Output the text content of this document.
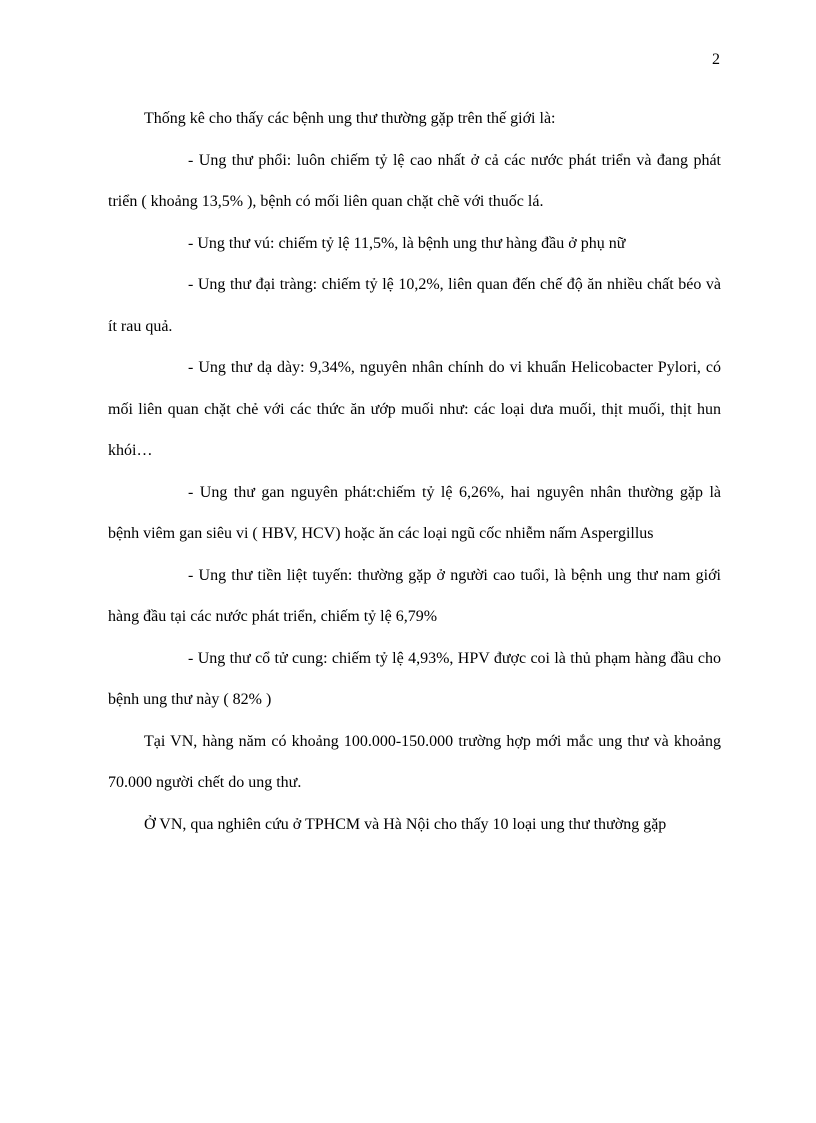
2

Thống kê cho thấy các bệnh ung thư thường gặp trên thế giới là:

- Ung thư phổi: luôn chiếm tỷ lệ cao nhất ở cả các nước phát triển và đang phát triển ( khoảng 13,5% ), bệnh có mối liên quan chặt chẽ với thuốc lá.

- Ung thư vú: chiếm tỷ lệ 11,5%, là bệnh ung thư hàng đầu ở phụ nữ

- Ung thư đại tràng: chiếm tỷ lệ 10,2%, liên quan đến chế độ ăn nhiều chất béo và ít rau quả.

- Ung thư dạ dày: 9,34%, nguyên nhân chính do vi khuẩn Helicobacter Pylori, có mối liên quan chặt chẻ với các thức ăn ướp muối như: các loại dưa muối, thịt muối, thịt hun khói…

- Ung thư gan nguyên phát:chiếm tỷ lệ 6,26%, hai nguyên nhân thường gặp là bệnh viêm gan siêu vi ( HBV, HCV) hoặc ăn các loại ngũ cốc nhiễm nấm Aspergillus

- Ung thư tiền liệt tuyến: thường gặp ở người cao tuổi, là bệnh ung thư nam giới hàng đầu tại các nước phát triển, chiếm tỷ lệ 6,79%

- Ung thư cổ tử cung: chiếm tỷ lệ 4,93%, HPV được coi là thủ phạm hàng đầu cho bệnh ung thư này ( 82% )

Tại VN, hàng năm có khoảng 100.000-150.000 trường hợp mới mắc ung thư và khoảng 70.000 người chết do ung thư.

Ở VN, qua nghiên cứu ở TPHCM và Hà Nội cho thấy 10 loại ung thư thường gặp
